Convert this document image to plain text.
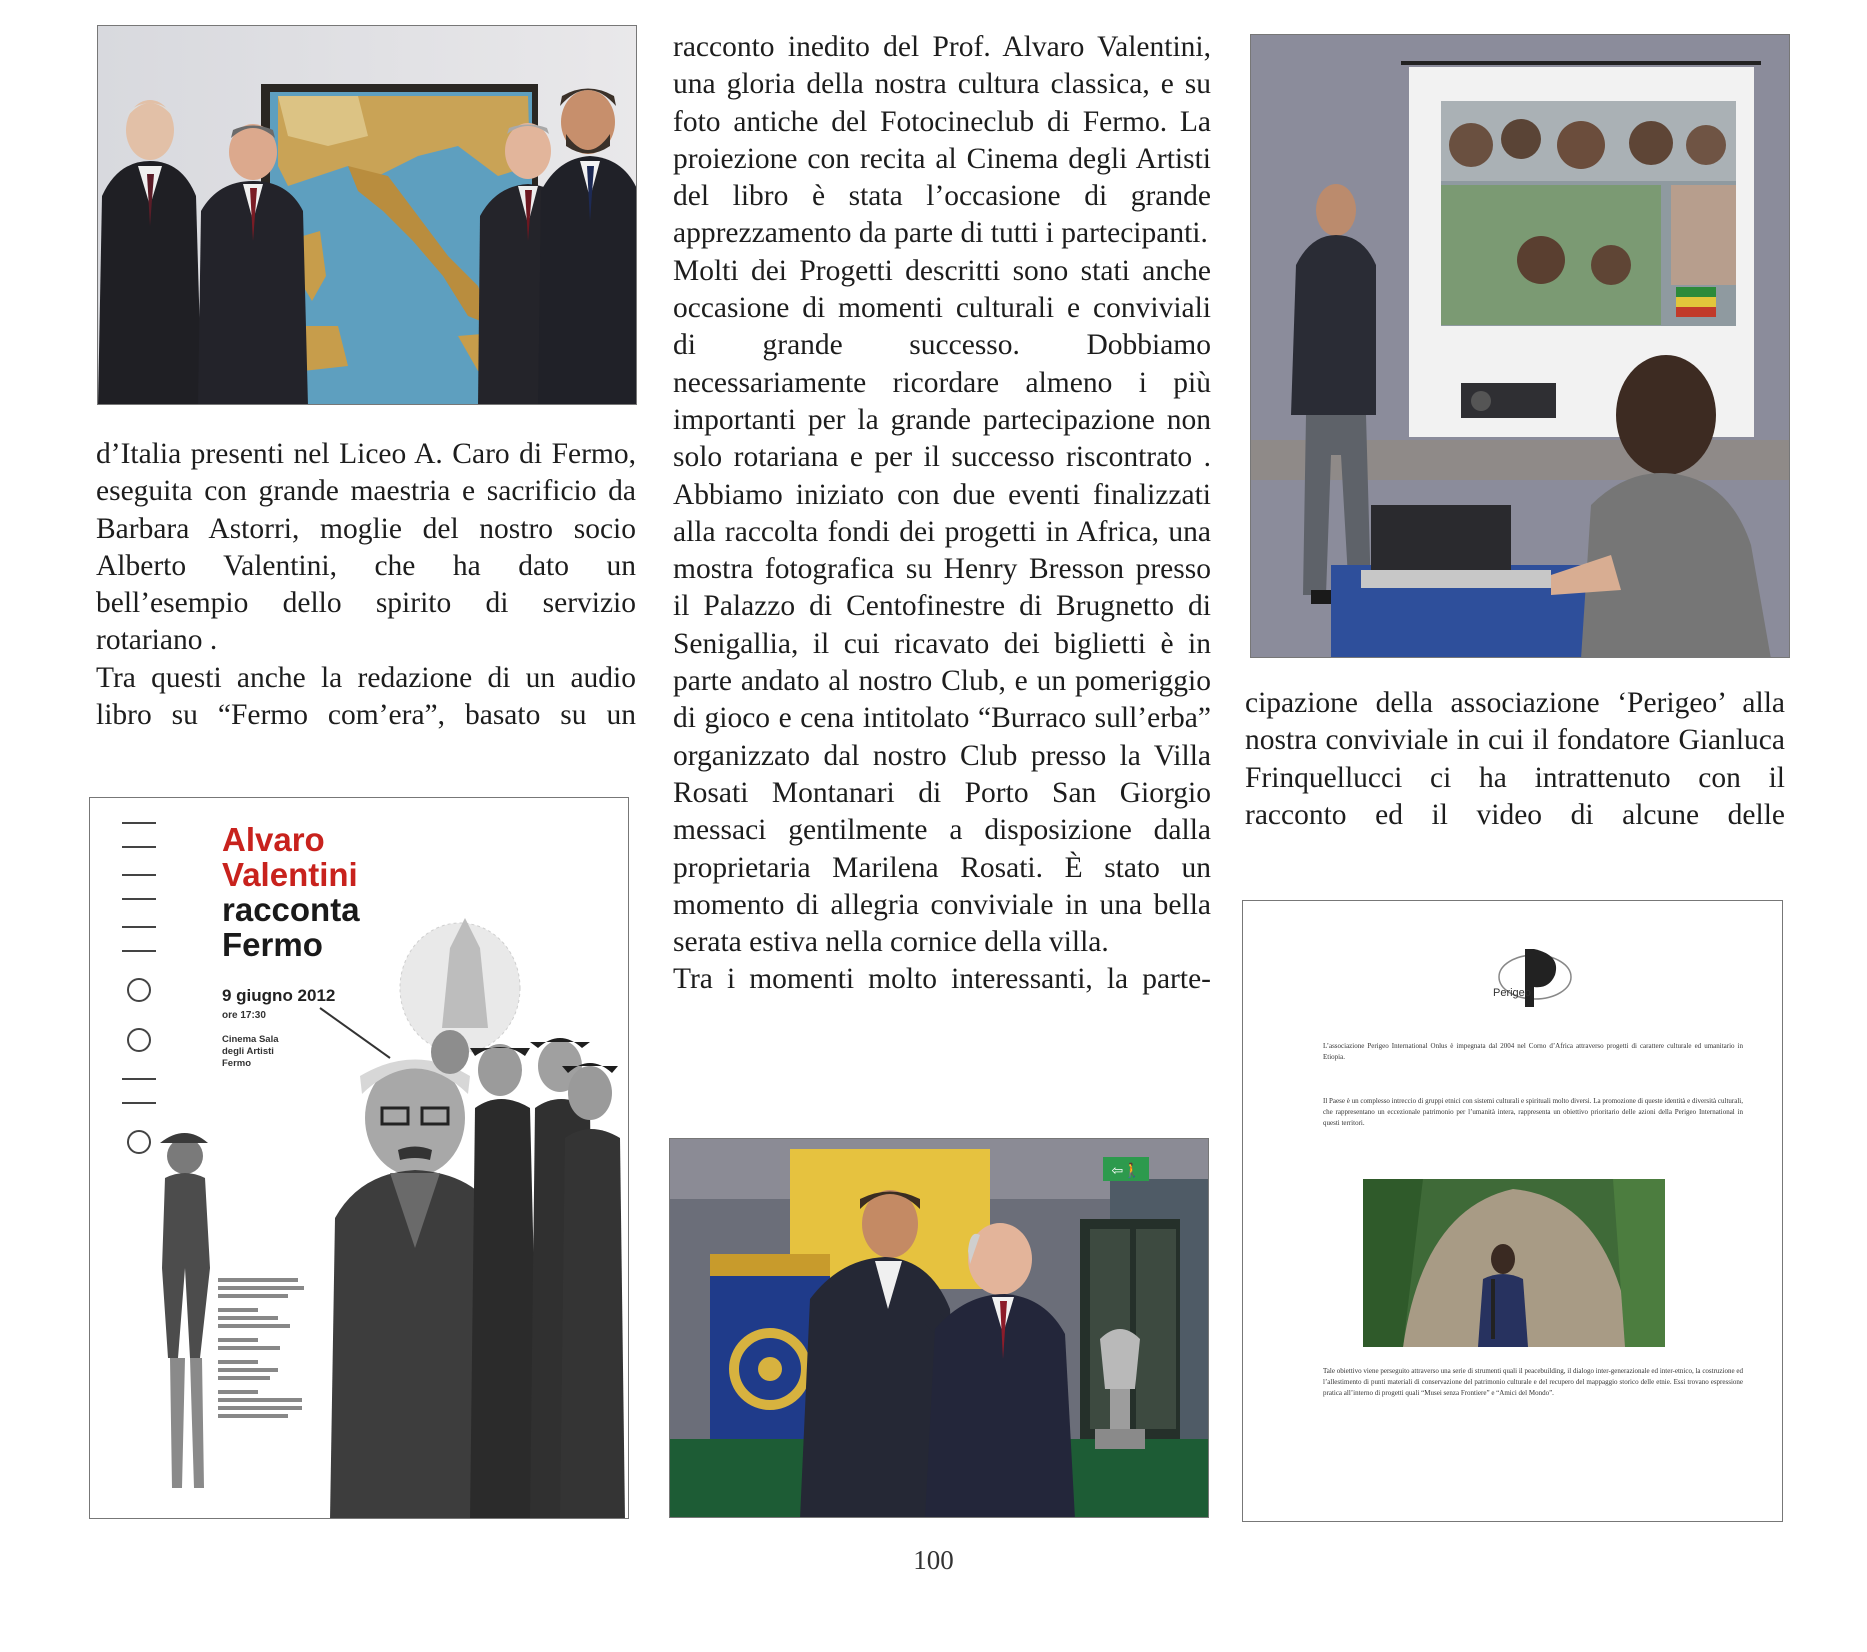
d’Italia presenti nel Liceo A. Caro di Fermo, eseguita con grande maestria e sacrificio da Barbara Astorri, moglie del nostro socio Alberto Valentini, che ha dato un bell’esempio dello spirito di servizio rotariano .

Tra questi anche la redazione di un audio libro su “Fermo com’era”, basato su un

Alvaro
Valentini
racconta
Fermo
9 giugno 2012
ore 17:30
Cinema Sala
degli Artisti
Fermo

racconto inedito del Prof. Alvaro Valentini, una gloria della nostra cultura classica, e su foto antiche del Fotocineclub di Fermo. La proiezione con recita al Cinema degli Artisti del libro è stata l’occasione di grande apprezzamento da parte di tutti i partecipanti.

Molti dei Progetti descritti sono stati anche occasione di momenti culturali e conviviali di grande successo. Dobbiamo necessariamente ricordare almeno i più importanti per la grande partecipazione non solo rotariana e per il successo riscontrato . Abbiamo iniziato con due eventi finalizzati alla raccolta fondi dei progetti in Africa, una mostra fotografica su Henry Bresson presso il Palazzo di Centofinestre di Brugnetto di Senigallia, il cui ricavato dei biglietti è in parte andato al nostro Club, e un pomeriggio di gioco e cena intitolato “Burraco sull’erba” organizzato dal nostro Club presso la Villa Rosati Montanari di Porto San Giorgio messaci gentilmente a disposizione dalla proprietaria Marilena Rosati. È stato un momento di allegria conviviale in una bella serata estiva nella cornice della villa.

Tra i momenti molto interessanti, la parte-

⇦🚶

cipazione della associazione ‘Perigeo’ alla nostra conviviale in cui il fondatore Gianluca Frinquellucci ci ha intrattenuto con il racconto ed il video di alcune delle

Perigeo
L’associazione Perigeo International Onlus è impegnata dal 2004 nel Corno d’Africa attraverso progetti di carattere culturale ed umanitario in Etiopia.
Il Paese è un complesso intreccio di gruppi etnici con sistemi culturali e spirituali molto diversi. La promozione di queste identità e diversità culturali, che rappresentano un eccezionale patrimonio per l’umanità intera, rappresenta un obiettivo prioritario delle azioni della Perigeo International in questi territori.
Tale obiettivo viene perseguito attraverso una serie di strumenti quali il peacebuilding, il dialogo inter-generazionale ed inter-etnico, la costruzione ed l’allestimento di punti materiali di conservazione del patrimonio culturale e del recupero del mappaggio storico delle etnie. Essi trovano espressione pratica all’interno di progetti quali “Musei senza Frontiere” e “Amici del Mondo”.
100
